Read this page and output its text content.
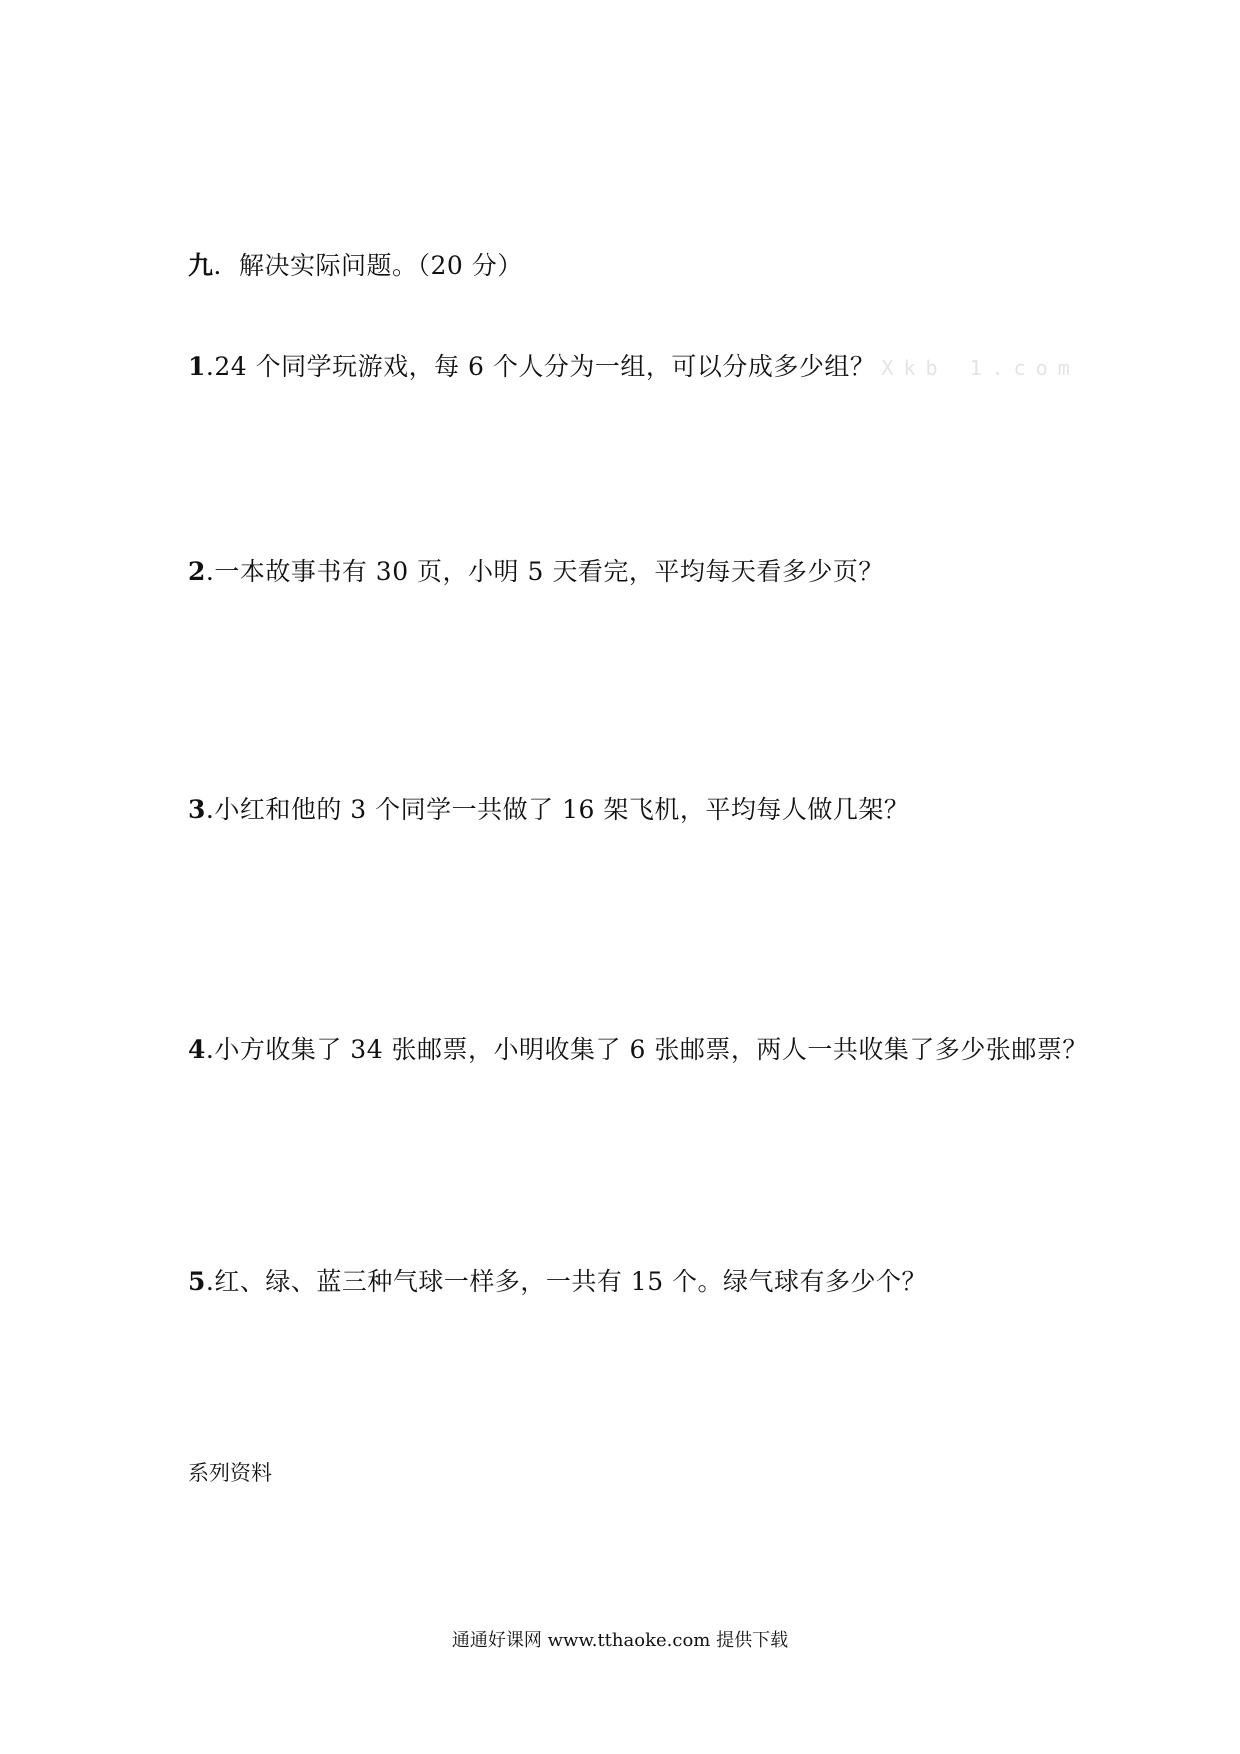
九．解决实际问题。（20 分）
1.24 个同学玩游戏，每 6 个人分为一组，可以分成多少组？ Xkb 1.com
2.一本故事书有 30 页，小明 5 天看完，平均每天看多少页？
3.小红和他的 3 个同学一共做了 16 架飞机，平均每人做几架？
4.小方收集了 34 张邮票，小明收集了 6 张邮票，两人一共收集了多少张邮票？
5.红、绿、蓝三种气球一样多，一共有 15 个。绿气球有多少个？
系列资料
通通好课网 www.tthaoke.com 提供下载
